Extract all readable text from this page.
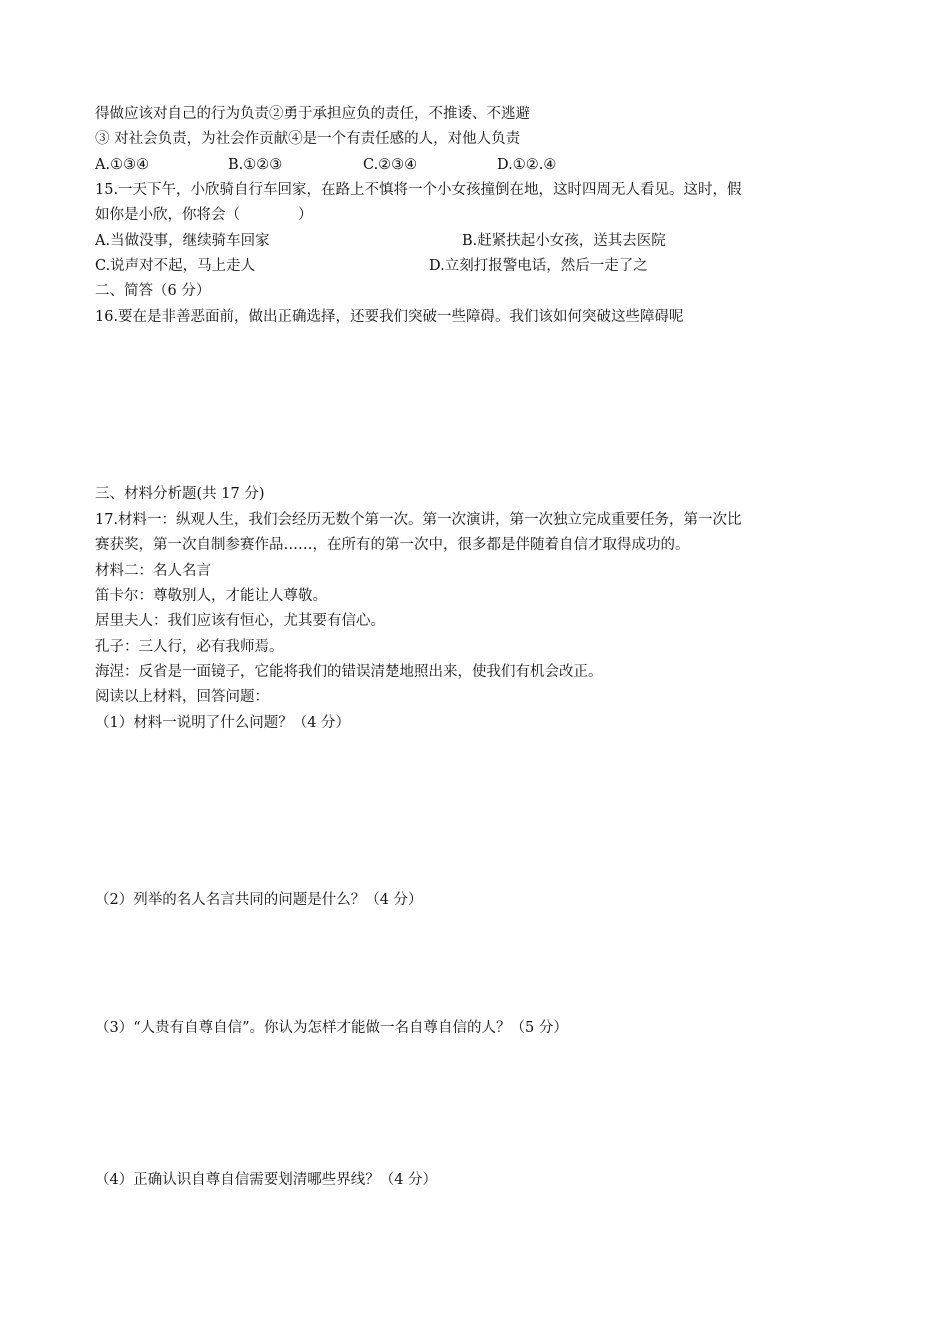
得做应该对自己的行为负责②勇于承担应负的责任，不推诿、不逃避
③ 对社会负责，为社会作贡献④是一个有责任感的人，对他人负责
A.①③④	B.①②③	C.②③④	D.①②.④
15.一天下午，小欣骑自行车回家，在路上不慎将一个小女孩撞倒在地，这时四周无人看见。这时，假
如你是小欣，你将会（　　　　）
A.当做没事，继续骑车回家	B.赶紧扶起小女孩，送其去医院
C.说声对不起，马上走人	D.立刻打报警电话，然后一走了之
二、简答（6 分）
16.要在是非善恶面前，做出正确选择，还要我们突破一些障碍。我们该如何突破这些障碍呢
三、材料分析题(共 17 分)
17.材料一：纵观人生，我们会经历无数个第一次。第一次演讲，第一次独立完成重要任务，第一次比
赛获奖，第一次自制参赛作品……，在所有的第一次中，很多都是伴随着自信才取得成功的。
材料二：名人名言
笛卡尔：尊敬别人，才能让人尊敬。
居里夫人：我们应该有恒心，尤其要有信心。
孔子：三人行，必有我师焉。
海涅：反省是一面镜子，它能将我们的错误清楚地照出来，使我们有机会改正。
阅读以上材料，回答问题：
（1）材料一说明了什么问题？（4 分）
（2）列举的名人名言共同的问题是什么？（4 分）
（3）“人贵有自尊自信”。你认为怎样才能做一名自尊自信的人？（5 分）
（4）正确认识自尊自信需要划清哪些界线？（4 分）
